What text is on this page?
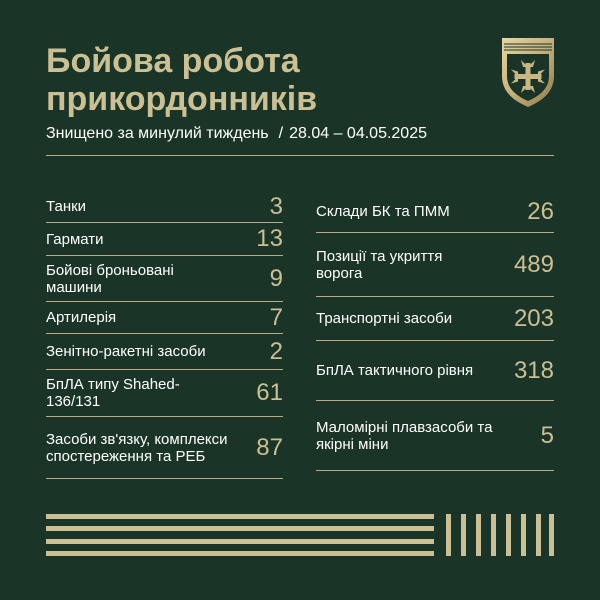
Бойова робота
прикордонників
Знищено за минулий тиждень / 28.04 – 04.05.2025
Танки	3
Гармати	13
Бойові броньовані машини	9
Артилерія	7
Зенітно-ракетні засоби	2
БпЛА типу Shahed-136/131	61
Засоби зв'язку, комплекси спостереження та РЕБ	87
Склади БК та ПММ	26
Позиції та укриття ворога	489
Транспортні засоби	203
БпЛА тактичного рівня	318
Маломірні плавзасоби та якірні міни	5
